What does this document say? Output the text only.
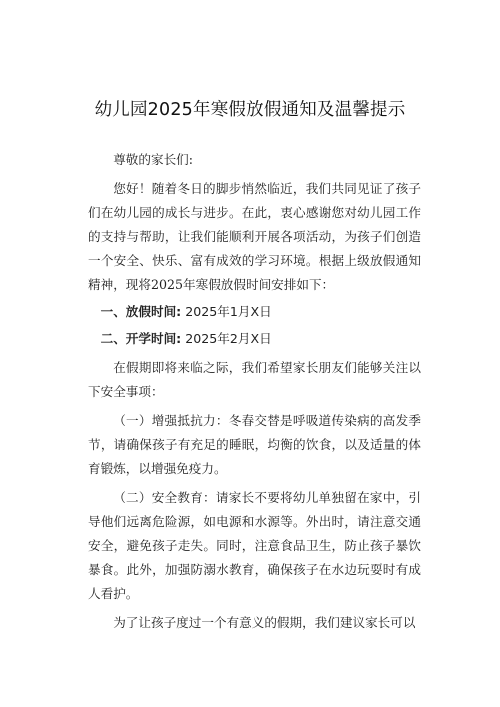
幼儿园2025年寒假放假通知及温馨提示

尊敬的家长们:

您好！随着冬日的脚步悄然临近，我们共同见证了孩子们在幼儿园的成长与进步。在此，衷心感谢您对幼儿园工作的支持与帮助，让我们能顺利开展各项活动，为孩子们创造一个安全、快乐、富有成效的学习环境。根据上级放假通知精神，现将2025年寒假放假时间安排如下：

一、放假时间: 2025年1月X日

二、开学时间: 2025年2月X日

在假期即将来临之际，我们希望家长朋友们能够关注以下安全事项：

（一）增强抵抗力：冬春交替是呼吸道传染病的高发季节，请确保孩子有充足的睡眠，均衡的饮食，以及适量的体育锻炼，以增强免疫力。

（二）安全教育：请家长不要将幼儿单独留在家中，引导他们远离危险源，如电源和水源等。外出时，请注意交通安全，避免孩子走失。同时，注意食品卫生，防止孩子暴饮暴食。此外，加强防溺水教育，确保孩子在水边玩耍时有成人看护。

为了让孩子度过一个有意义的假期，我们建议家长可以
